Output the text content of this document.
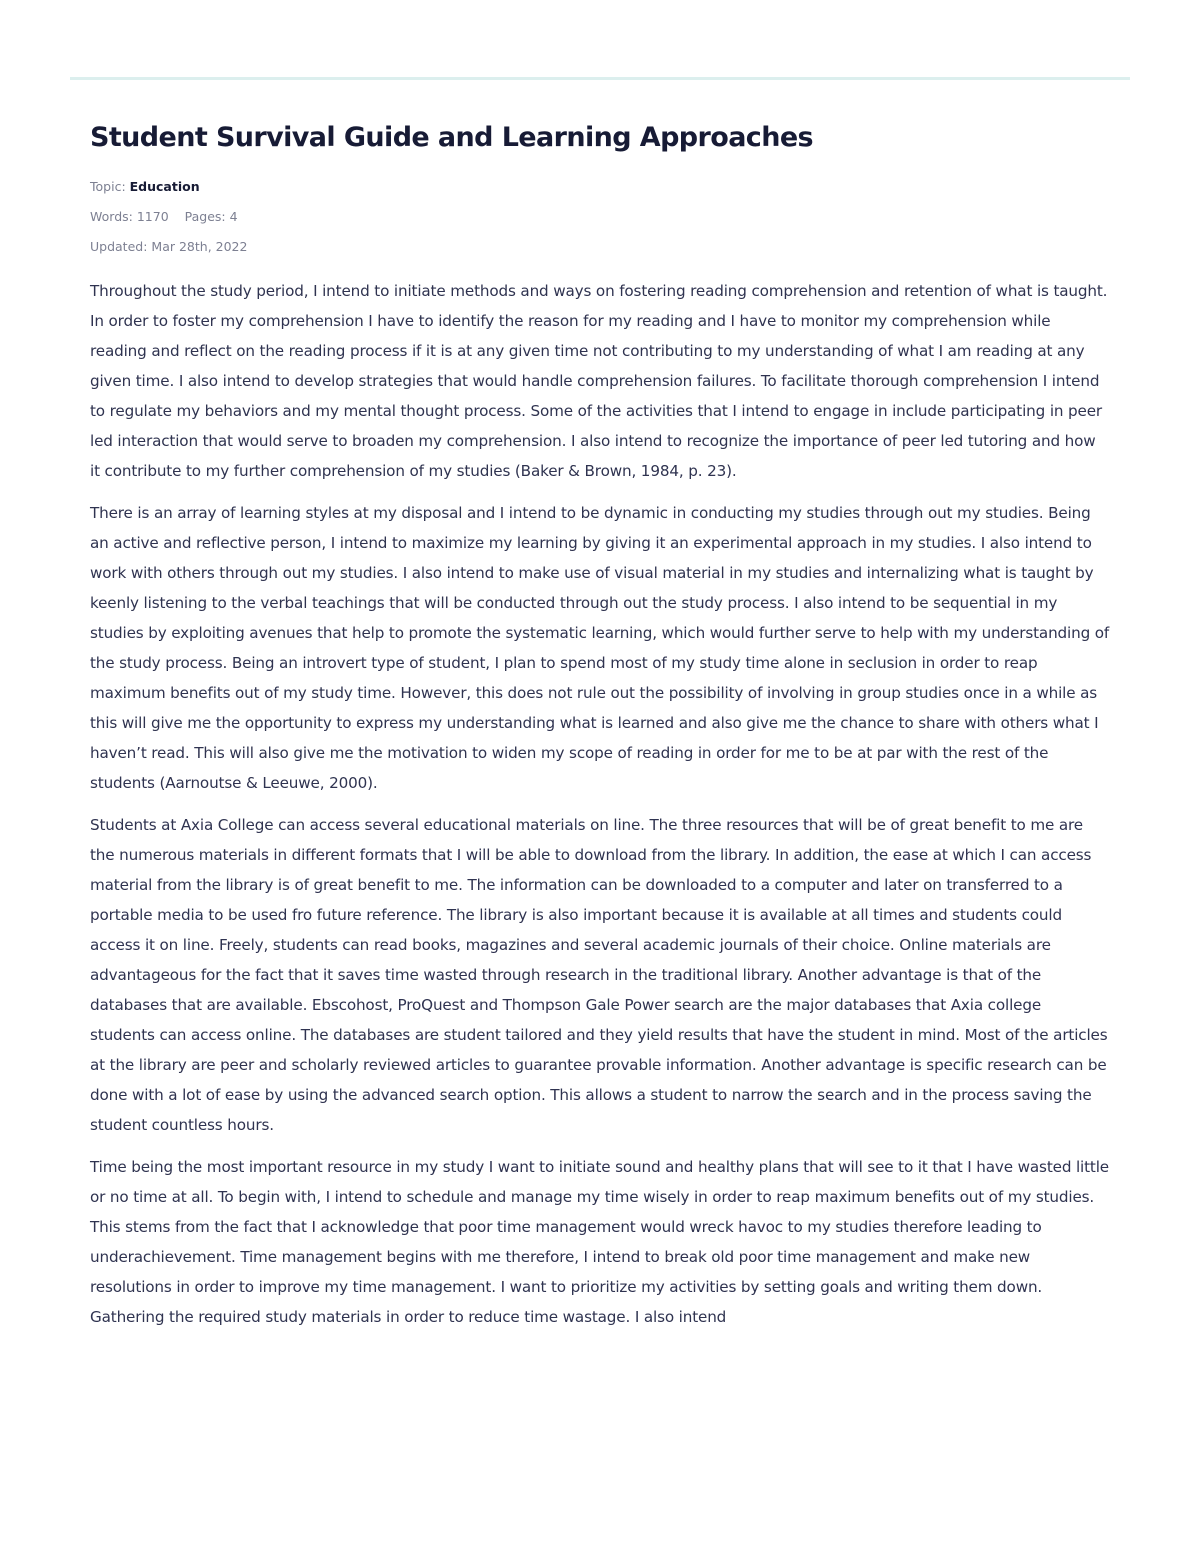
Student Survival Guide and Learning Approaches
Topic: Education
Words: 1170 Pages: 4
Updated: Mar 28th, 2022

Throughout the study period, I intend to initiate methods and ways on fostering reading comprehension and retention of what is taught. In order to foster my comprehension I have to identify the reason for my reading and I have to monitor my comprehension while reading and reflect on the reading process if it is at any given time not contributing to my understanding of what I am reading at any given time. I also intend to develop strategies that would handle comprehension failures. To facilitate thorough comprehension I intend to regulate my behaviors and my mental thought process. Some of the activities that I intend to engage in include participating in peer led interaction that would serve to broaden my comprehension. I also intend to recognize the importance of peer led tutoring and how it contribute to my further comprehension of my studies (Baker & Brown, 1984, p. 23).

There is an array of learning styles at my disposal and I intend to be dynamic in conducting my studies through out my studies. Being an active and reflective person, I intend to maximize my learning by giving it an experimental approach in my studies. I also intend to work with others through out my studies. I also intend to make use of visual material in my studies and internalizing what is taught by keenly listening to the verbal teachings that will be conducted through out the study process. I also intend to be sequential in my studies by exploiting avenues that help to promote the systematic learning, which would further serve to help with my understanding of the study process. Being an introvert type of student, I plan to spend most of my study time alone in seclusion in order to reap maximum benefits out of my study time. However, this does not rule out the possibility of involving in group studies once in a while as this will give me the opportunity to express my understanding what is learned and also give me the chance to share with others what I haven’t read. This will also give me the motivation to widen my scope of reading in order for me to be at par with the rest of the students (Aarnoutse & Leeuwe, 2000).

Students at Axia College can access several educational materials on line. The three resources that will be of great benefit to me are the numerous materials in different formats that I will be able to download from the library. In addition, the ease at which I can access material from the library is of great benefit to me. The information can be downloaded to a computer and later on transferred to a portable media to be used fro future reference. The library is also important because it is available at all times and students could access it on line. Freely, students can read books, magazines and several academic journals of their choice. Online materials are advantageous for the fact that it saves time wasted through research in the traditional library. Another advantage is that of the databases that are available. Ebscohost, ProQuest and Thompson Gale Power search are the major databases that Axia college students can access online. The databases are student tailored and they yield results that have the student in mind. Most of the articles at the library are peer and scholarly reviewed articles to guarantee provable information. Another advantage is specific research can be done with a lot of ease by using the advanced search option. This allows a student to narrow the search and in the process saving the student countless hours.

Time being the most important resource in my study I want to initiate sound and healthy plans that will see to it that I have wasted little or no time at all. To begin with, I intend to schedule and manage my time wisely in order to reap maximum benefits out of my studies. This stems from the fact that I acknowledge that poor time management would wreck havoc to my studies therefore leading to underachievement. Time management begins with me therefore, I intend to break old poor time management and make new resolutions in order to improve my time management. I want to prioritize my activities by setting goals and writing them down. Gathering the required study materials in order to reduce time wastage. I also intend
